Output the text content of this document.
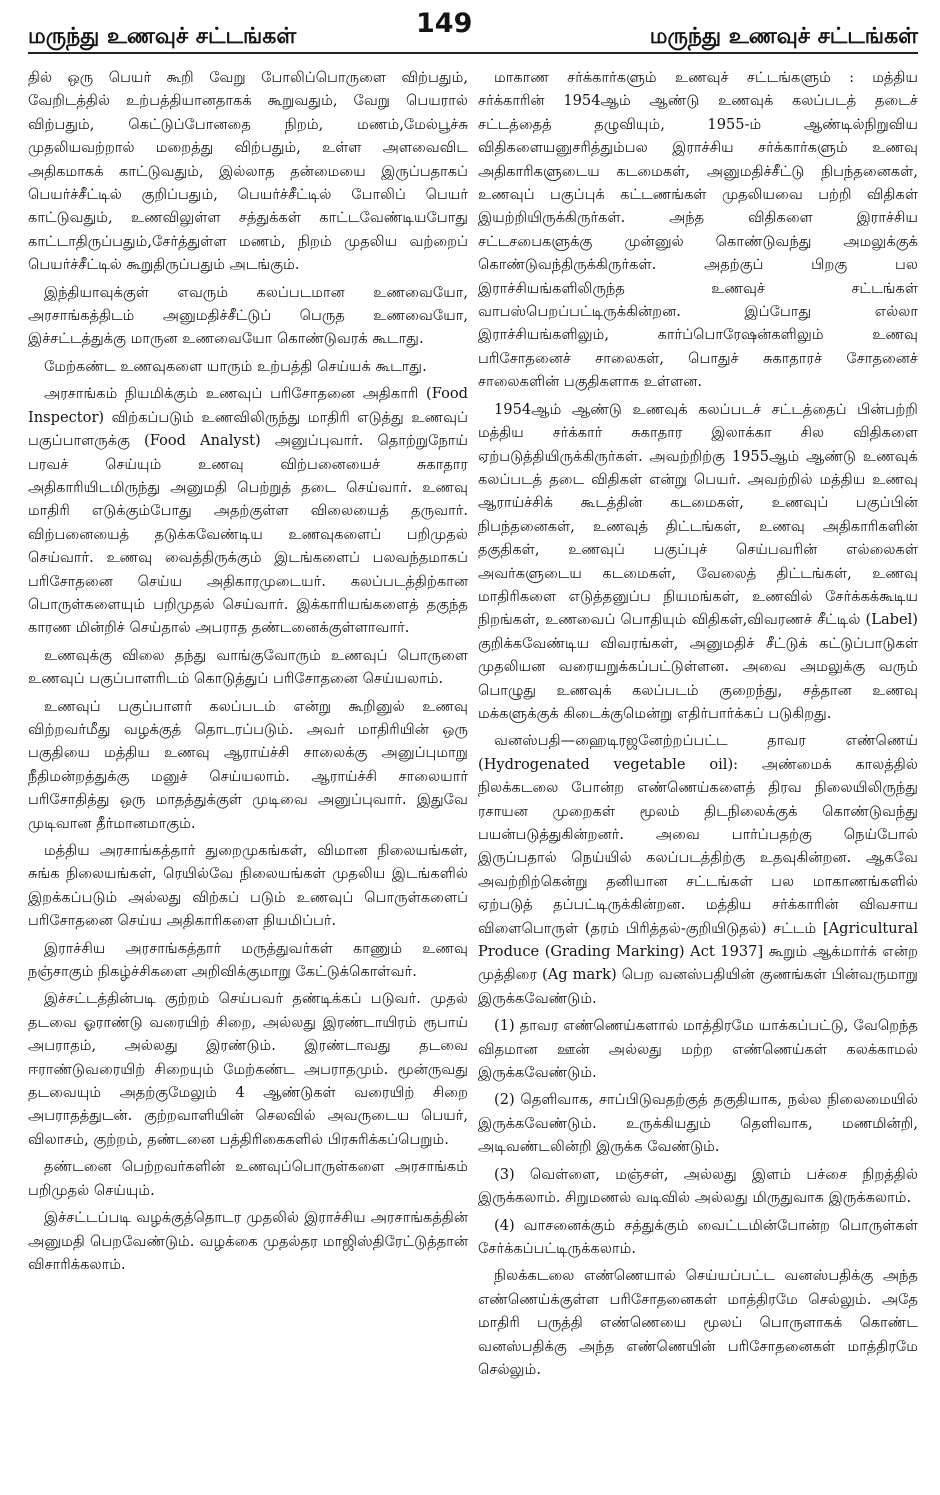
மருந்து உணவுச் சட்டங்கள்	149	மருந்து உணவுச் சட்டங்கள்

தில் ஒரு பெயர் கூறி வேறு போலிப்பொருளை விற்பதும், வேறிடத்தில் உற்பத்தியானதாகக் கூறுவதும், வேறு பெயரால் விற்பதும், கெட்டுப்போனதை நிறம், மணம்,மேல்பூச்சு முதலியவற்றால் மறைத்து விற்பதும், உள்ள அளவைவிட அதிகமாகக் காட்டுவதும், இல்லாத தன்மையை இருப்பதாகப் பெயர்ச்சீட்டில் குறிப்பதும், பெயர்ச்சீட்டில் போலிப் பெயர் காட்டுவதும், உணவிலுள்ள சத்துக்கள் காட்டவேண்டியபோது காட்டாதிருப்பதும்,சேர்த்துள்ள மணம், நிறம் முதலிய வற்றைப் பெயர்ச்சீட்டில் கூறுதிருப்பதும் அடங்கும்.

இந்தியாவுக்குள் எவரும் கலப்படமான உணவையோ, அரசாங்கத்திடம் அனுமதிச்சீட்டுப் பெருத உணவையோ, இச்சட்டத்துக்கு மாருன உணவையோ கொண்டுவரக் கூடாது.

மேற்கண்ட உணவுகளை யாரும் உற்பத்தி செய்யக் கூடாது.

அரசாங்கம் நியமிக்கும் உணவுப் பரிசோதனை அதிகாரி (Food Inspector) விற்கப்படும் உணவிலிருந்து மாதிரி எடுத்து உணவுப் பகுப்பாளருக்கு (Food Analyst) அனுப்புவார். தொற்றுநோய் பரவச் செய்யும் உணவு விற்பனையைச் சுகாதார அதிகாரியிடமிருந்து அனுமதி பெற்றுத் தடை செய்வார். உணவு மாதிரி எடுக்கும்போது அதற்குள்ள விலையைத் தருவார். விற்பனையைத் தடுக்கவேண்டிய உணவுகளைப் பறிமுதல் செய்வார். உணவு வைத்திருக்கும் இடங்களைப் பலவந்தமாகப் பரிசோதனை செய்ய அதிகாரமுடையர். கலப்படத்திற்கான பொருள்களையும் பறிமுதல் செய்வார். இக்காரியங்களைத் தகுந்த காரண மின்றிச் செய்தால் அபராத தண்டனைக்குள்ளாவார்.

உணவுக்கு விலை தந்து வாங்குவோரும் உணவுப் பொருளை உணவுப் பகுப்பாளரிடம் கொடுத்துப் பரிசோதனை செய்யலாம்.

உணவுப் பகுப்பாளர் கலப்படம் என்று கூறினுல் உணவு விற்றவர்மீது வழக்குத் தொடரப்படும். அவர் மாதிரியின் ஒரு பகுதியை மத்திய உணவு ஆராய்ச்சி சாலைக்கு அனுப்புமாறு நீதிமன்றத்துக்கு மனுச் செய்யலாம். ஆராய்ச்சி சாலையார் பரிசோதித்து ஒரு மாதத்துக்குள் முடிவை அனுப்புவார். இதுவே முடிவான தீர்மானமாகும்.

மத்திய அரசாங்கத்தார் துறைமுகங்கள், விமான நிலையங்கள், சுங்க நிலையங்கள், ரெயில்வே நிலையங்கள் முதலிய இடங்களில் இறக்கப்படும் அல்லது விற்கப் படும் உணவுப் பொருள்களைப் பரிசோதனை செய்ய அதிகாரிகளை நியமிப்பர்.

இராச்சிய அரசாங்கத்தார் மருத்துவர்கள் காணும் உணவு நஞ்சாகும் நிகழ்ச்சிகளை அறிவிக்குமாறு கேட்டுக்கொள்வர்.

இச்சட்டத்தின்படி குற்றம் செய்பவர் தண்டிக்கப் படுவர். முதல் தடவை ஓராண்டு வரையிற் சிறை, அல்லது இரண்டாயிரம் ரூபாய் அபராதம், அல்லது இரண்டும். இரண்டாவது தடவை ஈராண்டுவரையிற் சிறையும் மேற்கண்ட அபராதமும். மூன்ருவது தடவையும் அதற்குமேலும் 4 ஆண்டுகள் வரையிற் சிறை அபராதத்துடன். குற்றவாளியின் செலவில் அவருடைய பெயர், விலாசம், குற்றம், தண்டனை பத்திரிகைகளில் பிரசுரிக்கப்பெறும்.

தண்டனை பெற்றவர்களின் உணவுப்பொருள்களை அரசாங்கம் பறிமுதல் செய்யும்.

இச்சட்டப்படி வழக்குத்தொடர முதலில் இராச்சிய அரசாங்கத்தின் அனுமதி பெறவேண்டும். வழக்கை முதல்தர மாஜிஸ்திரேட்டுத்தான் விசாரிக்கலாம்.

மாகாண சர்க்கார்களும் உணவுச் சட்டங்களும் : மத்திய சர்க்காரின் 1954ஆம் ஆண்டு உணவுக் கலப்படத் தடைச் சட்டத்தைத் தழுவியும், 1955-ம் ஆண்டில்நிறுவிய விதிகளையனுசரித்தும்பல இராச்சிய சர்க்கார்களும் உணவு அதிகாரிகளுடைய கடமைகள், அனுமதிச்சீட்டு நிபந்தனைகள், உணவுப் பகுப்புக் கட்டணங்கள் முதலியவை பற்றி விதிகள் இயற்றியிருக்கிருர்கள். அந்த விதிகளை இராச்சிய சட்டசபைகளுக்கு முன்னுல் கொண்டுவந்து அமலுக்குக் கொண்டுவந்திருக்கிருர்கள். அதற்குப் பிறகு பல இராச்சியங்களிலிருந்த உணவுச் சட்டங்கள் வாபஸ்பெறப்பட்டிருக்கின்றன. இப்போது எல்லா இராச்சியங்களிலும், கார்ப்பொரேஷன்களிலும் உணவு பரிசோதனைச் சாலைகள், பொதுச் சுகாதாரச் சோதனைச் சாலைகளின் பகுதிகளாக உள்ளன.

1954ஆம் ஆண்டு உணவுக் கலப்படச் சட்டத்தைப் பின்பற்றி மத்திய சர்க்கார் சுகாதார இலாக்கா சில விதிகளை ஏற்படுத்தியிருக்கிருர்கள். அவற்றிற்கு 1955ஆம் ஆண்டு உணவுக் கலப்படத் தடை விதிகள் என்று பெயர். அவற்றில் மத்திய உணவு ஆராய்ச்சிக் கூடத்தின் கடமைகள், உணவுப் பகுப்பின் நிபந்தனைகள், உணவுத் திட்டங்கள், உணவு அதிகாரிகளின் தகுதிகள், உணவுப் பகுப்புச் செய்பவரின் எல்லைகள் அவர்களுடைய கடமைகள், வேலைத் திட்டங்கள், உணவு மாதிரிகளை எடுத்தனுப்ப நியமங்கள், உணவில் சேர்க்கக்கூடிய நிறங்கள், உணவைப் பொதியும் விதிகள்,விவரணச் சீட்டில் (Label) குறிக்கவேண்டிய விவரங்கள், அனுமதிச் சீட்டுக் கட்டுப்பாடுகள் முதலியன வரையறுக்கப்பட்டுள்ளன. அவை அமலுக்கு வரும் பொழுது உணவுக் கலப்படம் குறைந்து, சத்தான உணவு மக்களுக்குக் கிடைக்குமென்று எதிர்பார்க்கப் படுகிறது.

வனஸ்பதி—ஹைடிரஜனேற்றப்பட்ட தாவர எண்ணெய் (Hydrogenated vegetable oil): அண்மைக் காலத்தில் நிலக்கடலை போன்ற எண்ணெய்களைத் திரவ நிலையிலிருந்து ரசாயன முறைகள் மூலம் திடநிலைக்குக் கொண்டுவந்து பயன்படுத்துகின்றனர். அவை பார்ப்பதற்கு நெய்போல் இருப்பதால் நெய்யில் கலப்படத்திற்கு உதவுகின்றன. ஆகவே அவற்றிற்கென்று தனியான சட்டங்கள் பல மாகாணங்களில் ஏற்படுத் தப்பட்டிருக்கின்றன. மத்திய சர்க்காரின் விவசாய விளைபொருள் (தரம் பிரித்தல்-குறியிடுதல்) சட்டம் [Agricultural Produce (Grading Marking) Act 1937] கூறும் ஆக்மார்க் என்ற முத்திரை (Ag mark) பெற வனஸ்பதியின் குணங்கள் பின்வருமாறு இருக்கவேண்டும்.

(1) தாவர எண்ணெய்களால் மாத்திரமே யாக்கப்பட்டு, வேறெந்த விதமான ஊன் அல்லது மற்ற எண்ணெய்கள் கலக்காமல் இருக்கவேண்டும்.

(2) தெளிவாக, சாப்பிடுவதற்குத் தகுதியாக, நல்ல நிலைமையில் இருக்கவேண்டும். உருக்கியதும் தெளிவாக, மணமின்றி, அடிவண்டலின்றி இருக்க வேண்டும்.

(3) வெள்ளை, மஞ்சள், அல்லது இளம் பச்சை நிறத்தில் இருக்கலாம். சிறுமணல் வடிவில் அல்லது மிருதுவாக இருக்கலாம்.

(4) வாசனைக்கும் சத்துக்கும் வைட்டமின்போன்ற பொருள்கள் சேர்க்கப்பட்டிருக்கலாம்.

நிலக்கடலை எண்ணெயால் செய்யப்பட்ட வனஸ்பதிக்கு அந்த எண்ணெய்க்குள்ள பரிசோதனைகள் மாத்திரமே செல்லும். அதே மாதிரி பருத்தி எண்ணெயை மூலப் பொருளாகக் கொண்ட வனஸ்பதிக்கு அந்த எண்ணெயின் பரிசோதனைகள் மாத்திரமே செல்லும்.
